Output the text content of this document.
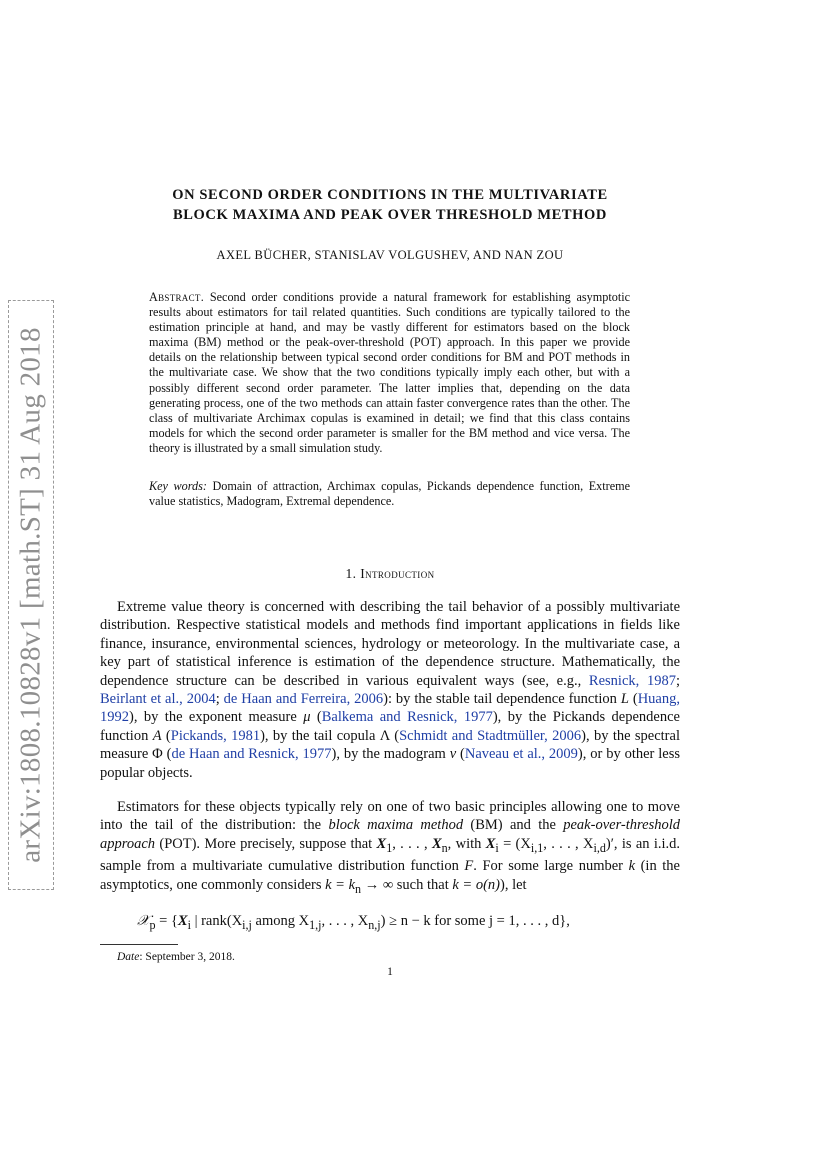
arXiv:1808.10828v1 [math.ST] 31 Aug 2018
ON SECOND ORDER CONDITIONS IN THE MULTIVARIATE
BLOCK MAXIMA AND PEAK OVER THRESHOLD METHOD
AXEL BÜCHER, STANISLAV VOLGUSHEV, AND NAN ZOU
Abstract. Second order conditions provide a natural framework for establishing asymptotic results about estimators for tail related quantities. Such conditions are typically tailored to the estimation principle at hand, and may be vastly different for estimators based on the block maxima (BM) method or the peak-over-threshold (POT) approach. In this paper we provide details on the relationship between typical second order conditions for BM and POT methods in the multivariate case. We show that the two conditions typically imply each other, but with a possibly different second order parameter. The latter implies that, depending on the data generating process, one of the two methods can attain faster convergence rates than the other. The class of multivariate Archimax copulas is examined in detail; we find that this class contains models for which the second order parameter is smaller for the BM method and vice versa. The theory is illustrated by a small simulation study.
Key words: Domain of attraction, Archimax copulas, Pickands dependence function, Extreme value statistics, Madogram, Extremal dependence.
1. Introduction
Extreme value theory is concerned with describing the tail behavior of a possibly multivariate distribution. Respective statistical models and methods find important applications in fields like finance, insurance, environmental sciences, hydrology or meteorology. In the multivariate case, a key part of statistical inference is estimation of the dependence structure. Mathematically, the dependence structure can be described in various equivalent ways (see, e.g., Resnick, 1987; Beirlant et al., 2004; de Haan and Ferreira, 2006): by the stable tail dependence function L (Huang, 1992), by the exponent measure μ (Balkema and Resnick, 1977), by the Pickands dependence function A (Pickands, 1981), by the tail copula Λ (Schmidt and Stadtmüller, 2006), by the spectral measure Φ (de Haan and Resnick, 1977), by the madogram ν (Naveau et al., 2009), or by other less popular objects.
Estimators for these objects typically rely on one of two basic principles allowing one to move into the tail of the distribution: the block maxima method (BM) and the peak-over-threshold approach (POT). More precisely, suppose that $X_1$, . . . , $X_n$, with $X_i = (X_{i,1}$, . . . , $X_{i,d})'$, is an i.i.d. sample from a multivariate cumulative distribution function F. For some large number k (in the asymptotics, one commonly considers $k = k_n$ → ∞ such that k = o(n)), let
𝒳$_p$ = {$X_i$ | $rank(X_{i,j}$ among $X_{1,j}$, . . . , $X_{n,j}) \ge n - k$ for some j = 1, . . . , d},
Date: September 3, 2018.
1
